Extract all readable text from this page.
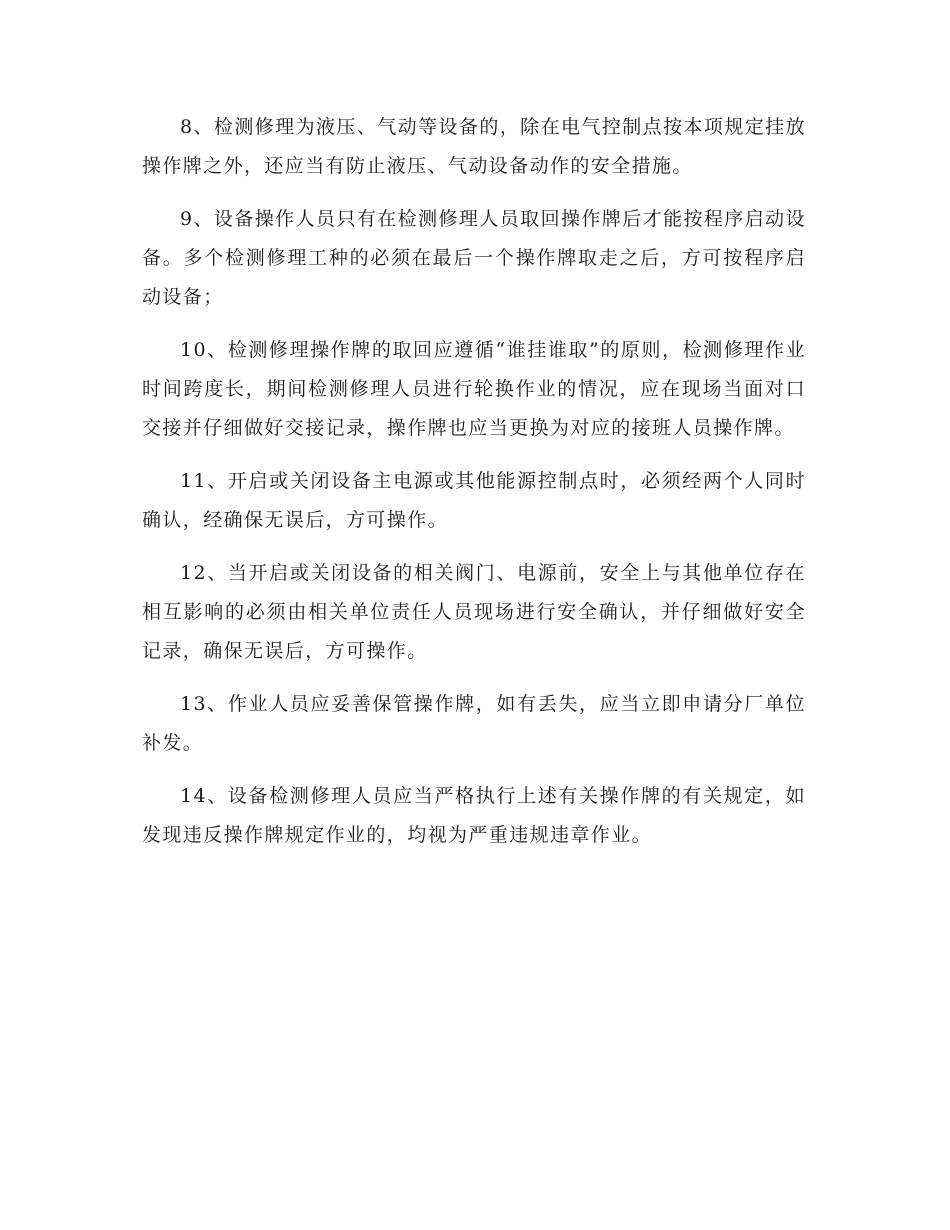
8、检测修理为液压、气动等设备的，除在电气控制点按本项规定挂放操作牌之外，还应当有防止液压、气动设备动作的安全措施。

9、设备操作人员只有在检测修理人员取回操作牌后才能按程序启动设备。多个检测修理工种的必须在最后一个操作牌取走之后，方可按程序启动设备；

10、检测修理操作牌的取回应遵循“谁挂谁取”的原则，检测修理作业时间跨度长，期间检测修理人员进行轮换作业的情况，应在现场当面对口交接并仔细做好交接记录，操作牌也应当更换为对应的接班人员操作牌。

11、开启或关闭设备主电源或其他能源控制点时，必须经两个人同时确认，经确保无误后，方可操作。

12、当开启或关闭设备的相关阀门、电源前，安全上与其他单位存在相互影响的必须由相关单位责任人员现场进行安全确认，并仔细做好安全记录，确保无误后，方可操作。

13、作业人员应妥善保管操作牌，如有丢失，应当立即申请分厂单位补发。

14、设备检测修理人员应当严格执行上述有关操作牌的有关规定，如发现违反操作牌规定作业的，均视为严重违规违章作业。
